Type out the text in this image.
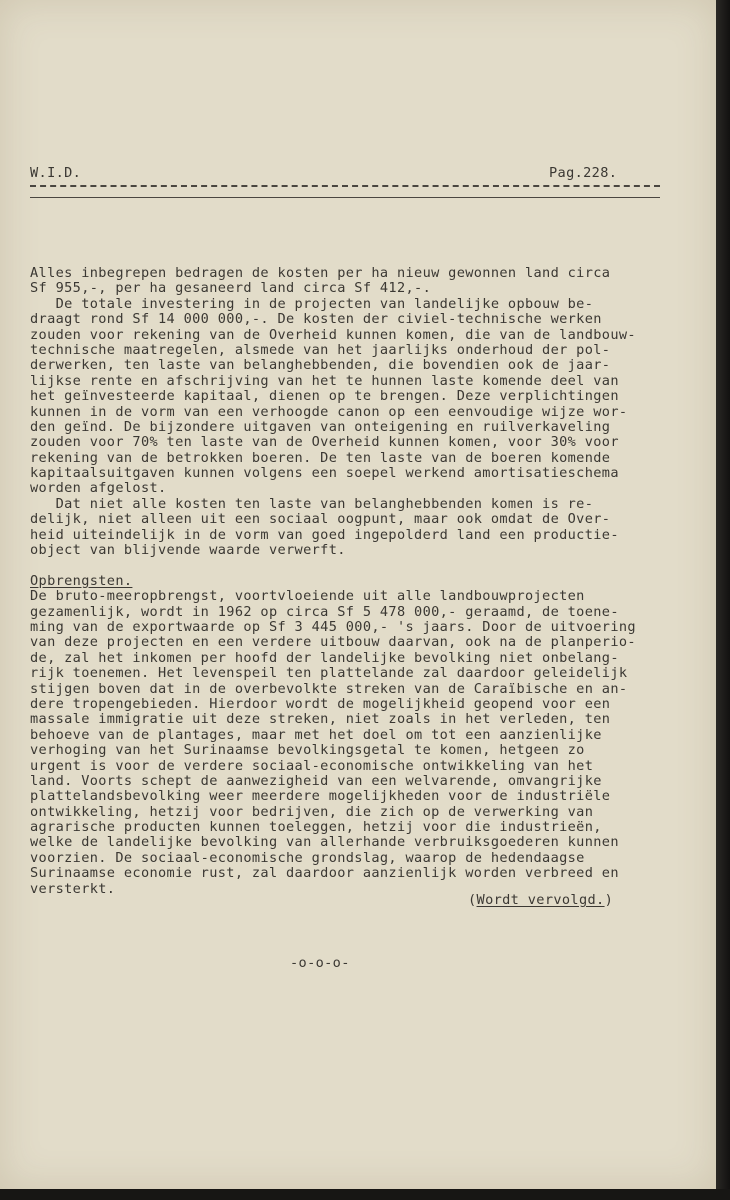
W.I.D.	Pag.228.
Alles inbegrepen bedragen de kosten per ha nieuw gewonnen land circa
Sf 955,-, per ha gesaneerd land circa Sf 412,-.
De totale investering in de projecten van landelijke opbouw be-
draagt rond Sf 14 000 000,-. De kosten der civiel-technische werken
zouden voor rekening van de Overheid kunnen komen, die van de landbouw-
technische maatregelen, alsmede van het jaarlijks onderhoud der pol-
derwerken, ten laste van belanghebbenden, die bovendien ook de jaar-
lijkse rente en afschrijving van het te hunnen laste komende deel van
het geïnvesteerde kapitaal, dienen op te brengen. Deze verplichtingen
kunnen in de vorm van een verhoogde canon op een eenvoudige wijze wor-
den geïnd. De bijzondere uitgaven van onteigening en ruilverkaveling
zouden voor 70% ten laste van de Overheid kunnen komen, voor 30% voor
rekening van de betrokken boeren. De ten laste van de boeren komende
kapitaalsuitgaven kunnen volgens een soepel werkend amortisatieschema
worden afgelost.
Dat niet alle kosten ten laste van belanghebbenden komen is re-
delijk, niet alleen uit een sociaal oogpunt, maar ook omdat de Over-
heid uiteindelijk in de vorm van goed ingepolderd land een productie-
object van blijvende waarde verwerft.
Opbrengsten.
De bruto-meeropbrengst, voortvloeiende uit alle landbouwprojecten
gezamenlijk, wordt in 1962 op circa Sf 5 478 000,- geraamd, de toene-
ming van de exportwaarde op Sf 3 445 000,- 's jaars. Door de uitvoering
van deze projecten en een verdere uitbouw daarvan, ook na de planperio-
de, zal het inkomen per hoofd der landelijke bevolking niet onbelang-
rijk toenemen. Het levenspeil ten plattelande zal daardoor geleidelijk
stijgen boven dat in de overbevolkte streken van de Caraïbische en an-
dere tropengebieden. Hierdoor wordt de mogelijkheid geopend voor een
massale immigratie uit deze streken, niet zoals in het verleden, ten
behoeve van de plantages, maar met het doel om tot een aanzienlijke
verhoging van het Surinaamse bevolkingsgetal te komen, hetgeen zo
urgent is voor de verdere sociaal-economische ontwikkeling van het
land. Voorts schept de aanwezigheid van een welvarende, omvangrijke
plattelandsbevolking weer meerdere mogelijkheden voor de industriële
ontwikkeling, hetzij voor bedrijven, die zich op de verwerking van
agrarische producten kunnen toeleggen, hetzij voor die industrieën,
welke de landelijke bevolking van allerhande verbruiksgoederen kunnen
voorzien. De sociaal-economische grondslag, waarop de hedendaagse
Surinaamse economie rust, zal daardoor aanzienlijk worden verbreed en
versterkt.
(Wordt vervolgd.)
-o-o-o-
